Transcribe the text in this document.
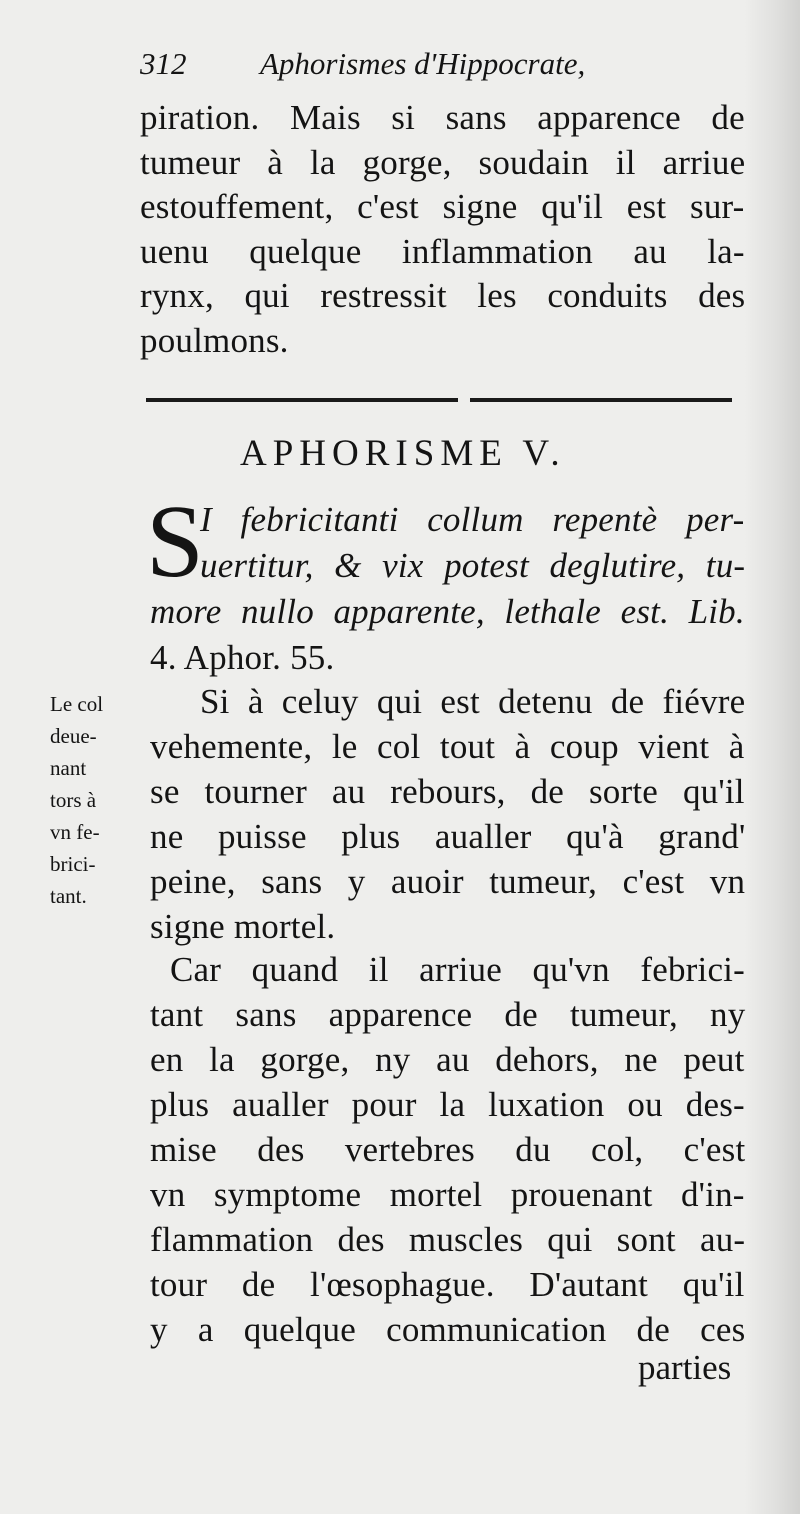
312 Aphorismes d'Hippocrate,
piration. Mais si sans apparence de
tumeur à la gorge, soudain il arriue
estouffement, c'est signe qu'il est sur-
uenu quelque inflammation au la-
rynx, qui restressit les conduits des
poulmons.
APHORISME V.
S
I febricitanti collum repentè per-
uertitur, & vix potest deglutire, tu-
more nullo apparente, lethale est. Lib.
4. Aphor. 55.
Le col
deue-
nant
tors à
vn fe-
brici-
tant.
Si à celuy qui est detenu de fiévre
vehemente, le col tout à coup vient à
se tourner au rebours, de sorte qu'il
ne puisse plus aualler qu'à grand'
peine, sans y auoir tumeur, c'est vn
signe mortel.
Car quand il arriue qu'vn febrici-
tant sans apparence de tumeur, ny
en la gorge, ny au dehors, ne peut
plus aualler pour la luxation ou des-
mise des vertebres du col, c'est
vn symptome mortel prouenant d'in-
flammation des muscles qui sont au-
tour de l'œsophague. D'autant qu'il
y a quelque communication de ces
parties
